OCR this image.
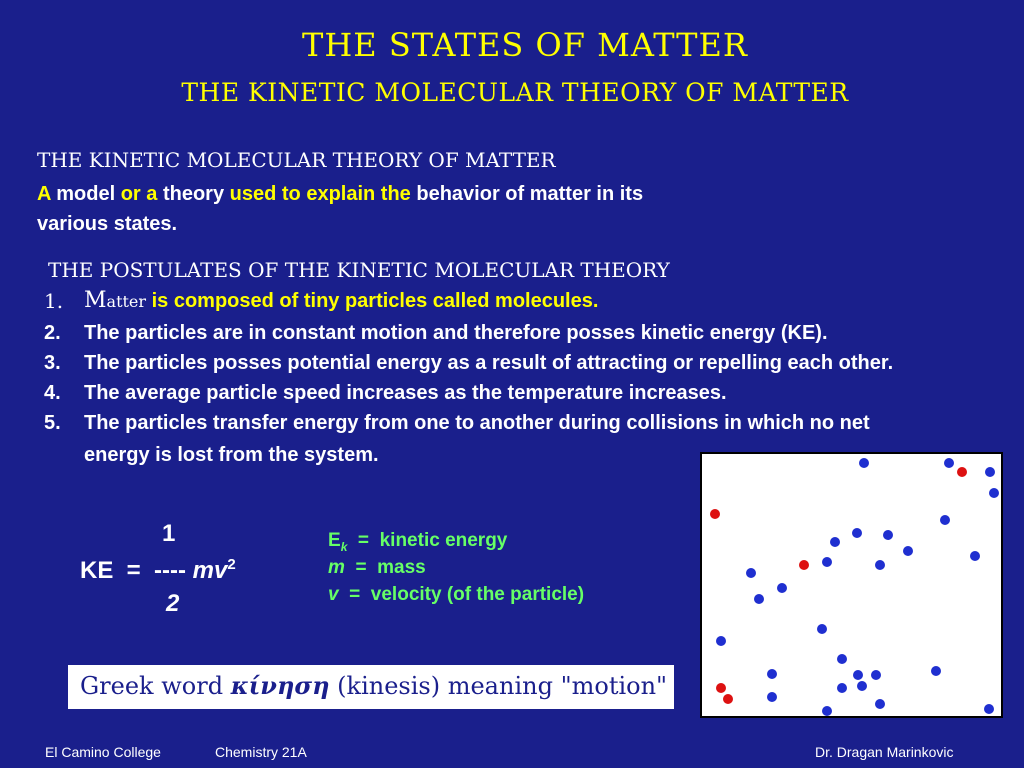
THE STATES OF MATTER
THE KINETIC MOLECULAR THEORY OF MATTER
THE KINETIC MOLECULAR THEORY OF MATTER
A model or a theory used to explain the behavior of matter in its various states.
THE POSTULATES OF THE KINETIC MOLECULAR THEORY
1. Matter is composed of tiny particles called molecules.
2.	The particles are in constant motion and therefore posses kinetic energy (KE).
3.	The particles posses potential energy as a result of attracting or repelling each other.
4.	The average particle speed increases as the temperature increases.
5.	The particles transfer energy from one to another during collisions in which no net
energy is lost from the system.
1
KE  =  ---- $mv^2$
2
$E_k$  =  kinetic energy
m  =  mass
v  =  velocity (of the particle)
Greek word κίνηση (kinesis) meaning "motion"
El Camino College	Chemistry 21A	Dr. Dragan Marinkovic
